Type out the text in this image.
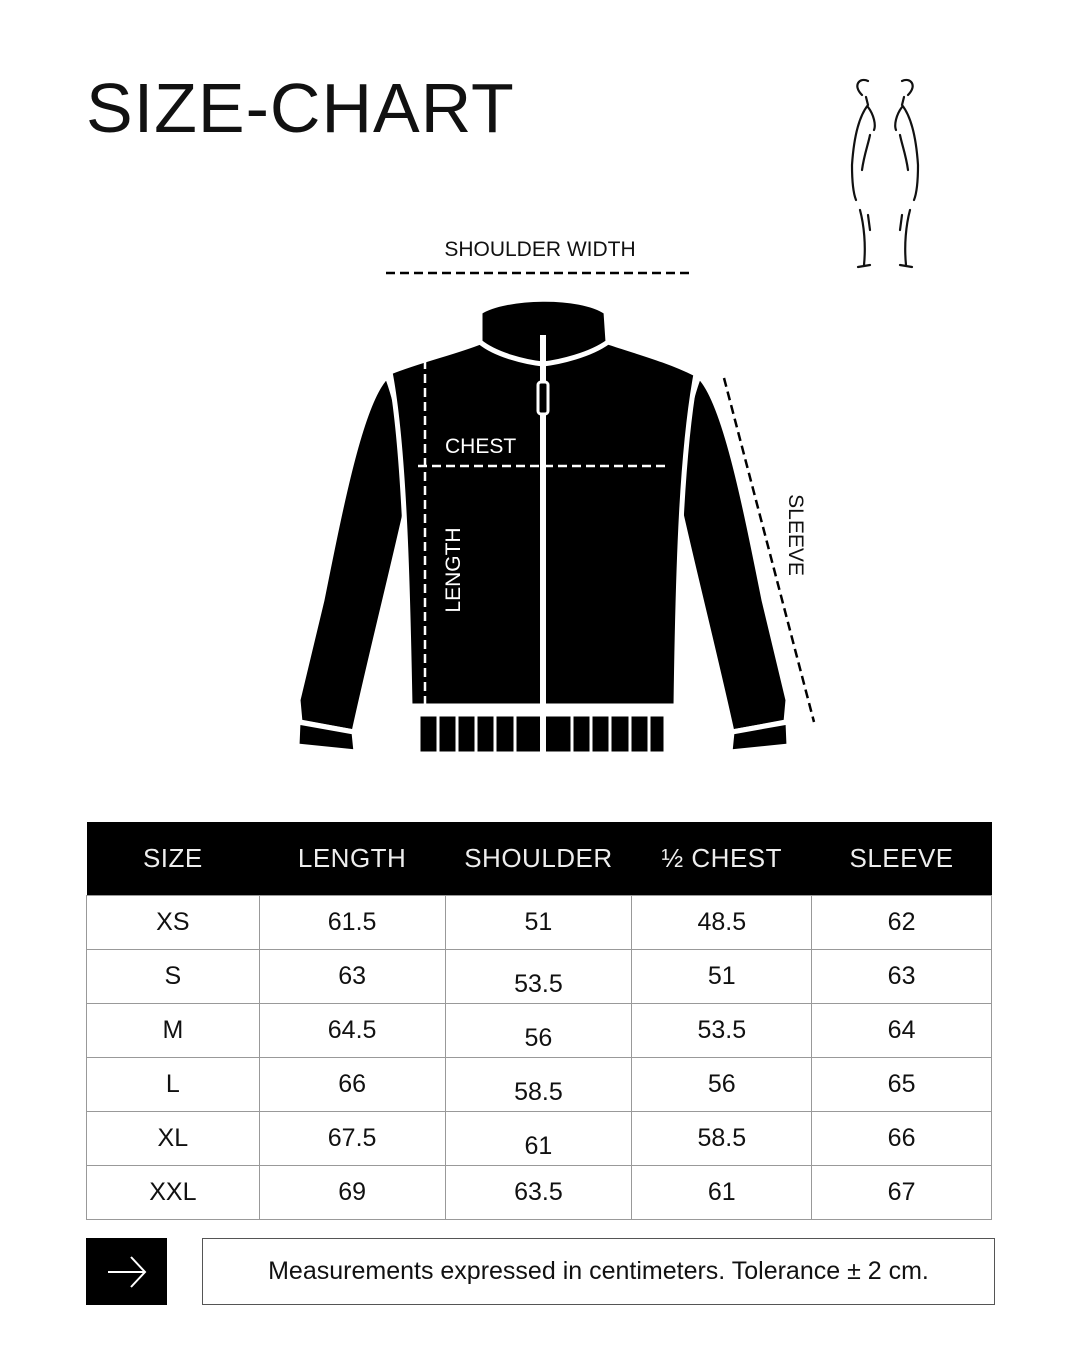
SIZE-CHART
SHOULDER WIDTH
CHEST
LENGTH	SLEEVE
SIZE	LENGTH	SHOULDER	½ CHEST	SLEEVE
XS	61.5	51	48.5	62
S	63	53.5	51	63
M	64.5	56	53.5	64
L	66	58.5	56	65
XL	67.5	61	58.5	66
XXL	69	63.5	61	67
Measurements expressed in centimeters. Tolerance ± 2 cm.
